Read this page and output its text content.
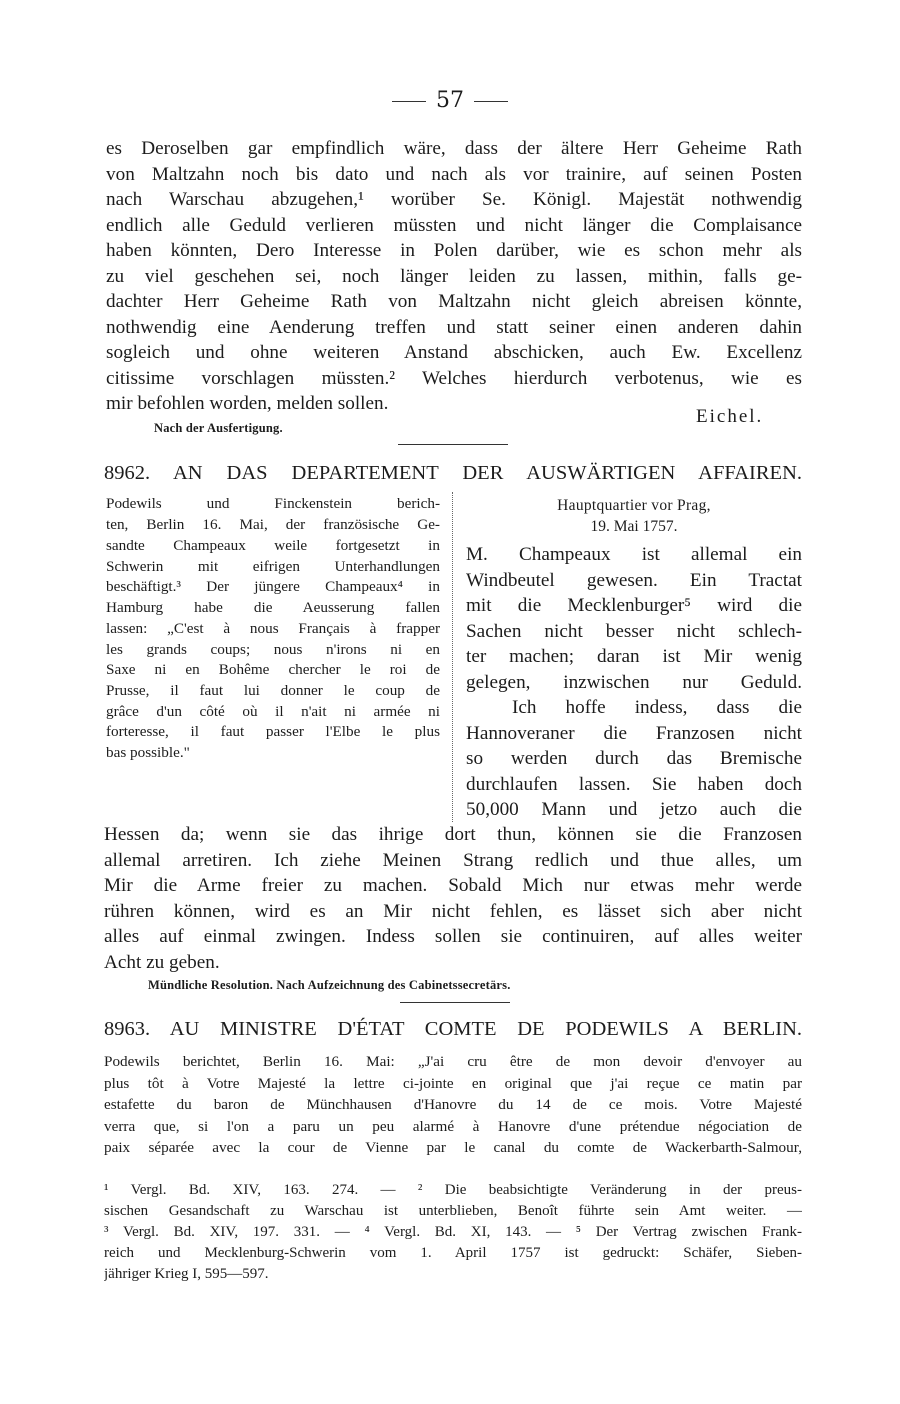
57
es Deroselben gar empfindlich wäre, dass der ältere Herr Geheime Rath
von Maltzahn noch bis dato und nach als vor trainire, auf seinen Posten
nach Warschau abzugehen,¹ worüber Se. Königl. Majestät nothwendig
endlich alle Geduld verlieren müssten und nicht länger die Complaisance
haben könnten, Dero Interesse in Polen darüber, wie es schon mehr als
zu viel geschehen sei, noch länger leiden zu lassen, mithin, falls ge-
dachter Herr Geheime Rath von Maltzahn nicht gleich abreisen könnte,
nothwendig eine Aenderung treffen und statt seiner einen anderen dahin
sogleich und ohne weiteren Anstand abschicken, auch Ew. Excellenz
citissime vorschlagen müssten.² Welches hierdurch verbotenus, wie es
mir befohlen worden, melden sollen.
Eichel.
Nach der Ausfertigung.
8962. AN DAS DEPARTEMENT DER AUSWÄRTIGEN AFFAIREN.
Podewils und Finckenstein berich-
ten, Berlin 16. Mai, der französische Ge-
sandte Champeaux weile fortgesetzt in
Schwerin mit eifrigen Unterhandlungen
beschäftigt.³ Der jüngere Champeaux⁴ in
Hamburg habe die Aeusserung fallen
lassen: „C'est à nous Français à frapper
les grands coups; nous n'irons ni en
Saxe ni en Bohême chercher le roi de
Prusse, il faut lui donner le coup de
grâce d'un côté où il n'ait ni armée ni
forteresse, il faut passer l'Elbe le plus
bas possible."
Hauptquartier vor Prag,
19. Mai 1757.
M. Champeaux ist allemal ein
Windbeutel gewesen. Ein Tractat
mit die Mecklenburger⁵ wird die
Sachen nicht besser nicht schlech-
ter machen; daran ist Mir wenig
gelegen, inzwischen nur Geduld.
Ich hoffe indess, dass die
Hannoveraner die Franzosen nicht
so werden durch das Bremische
durchlaufen lassen. Sie haben doch
50,000 Mann und jetzo auch die
Hessen da; wenn sie das ihrige dort thun, können sie die Franzosen
allemal arretiren. Ich ziehe Meinen Strang redlich und thue alles, um
Mir die Arme freier zu machen. Sobald Mich nur etwas mehr werde
rühren können, wird es an Mir nicht fehlen, es lässet sich aber nicht
alles auf einmal zwingen. Indess sollen sie continuiren, auf alles weiter
Acht zu geben.
Mündliche Resolution. Nach Aufzeichnung des Cabinetssecretärs.
8963. AU MINISTRE D'ÉTAT COMTE DE PODEWILS A BERLIN.
Podewils berichtet, Berlin 16. Mai: „J'ai cru être de mon devoir d'envoyer au
plus tôt à Votre Majesté la lettre ci-jointe en original que j'ai reçue ce matin par
estafette du baron de Münchhausen d'Hanovre du 14 de ce mois. Votre Majesté
verra que, si l'on a paru un peu alarmé à Hanovre d'une prétendue négociation de
paix séparée avec la cour de Vienne par le canal du comte de Wackerbarth-Salmour,
¹ Vergl. Bd. XIV, 163. 274. — ² Die beabsichtigte Veränderung in der preus-
sischen Gesandschaft zu Warschau ist unterblieben, Benoît führte sein Amt weiter. —
³ Vergl. Bd. XIV, 197. 331. — ⁴ Vergl. Bd. XI, 143. — ⁵ Der Vertrag zwischen Frank-
reich und Mecklenburg-Schwerin vom 1. April 1757 ist gedruckt: Schäfer, Sieben-
jähriger Krieg I, 595—597.
